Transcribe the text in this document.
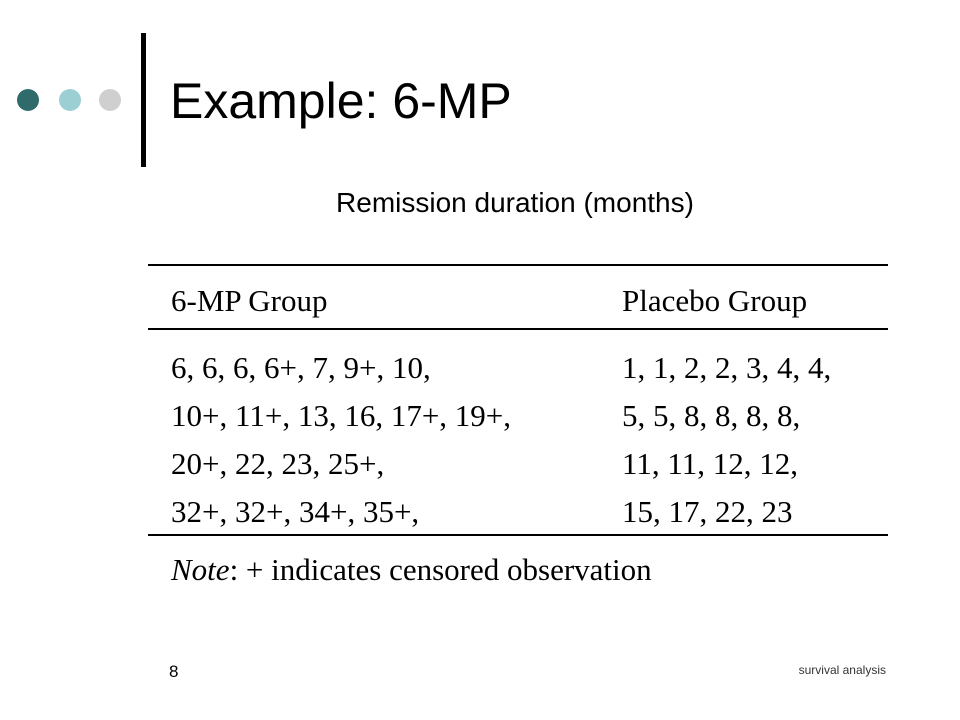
Example: 6-MP
Remission duration (months)
6-MP Group	Placebo Group
6, 6, 6, 6+, 7, 9+, 10,	1, 1, 2, 2, 3, 4, 4,
10+, 11+, 13, 16, 17+, 19+,	5, 5, 8, 8, 8, 8,
20+, 22, 23, 25+,	11, 11, 12, 12,
32+, 32+, 34+, 35+,	15, 17, 22, 23
Note: + indicates censored observation
8	survival analysis
